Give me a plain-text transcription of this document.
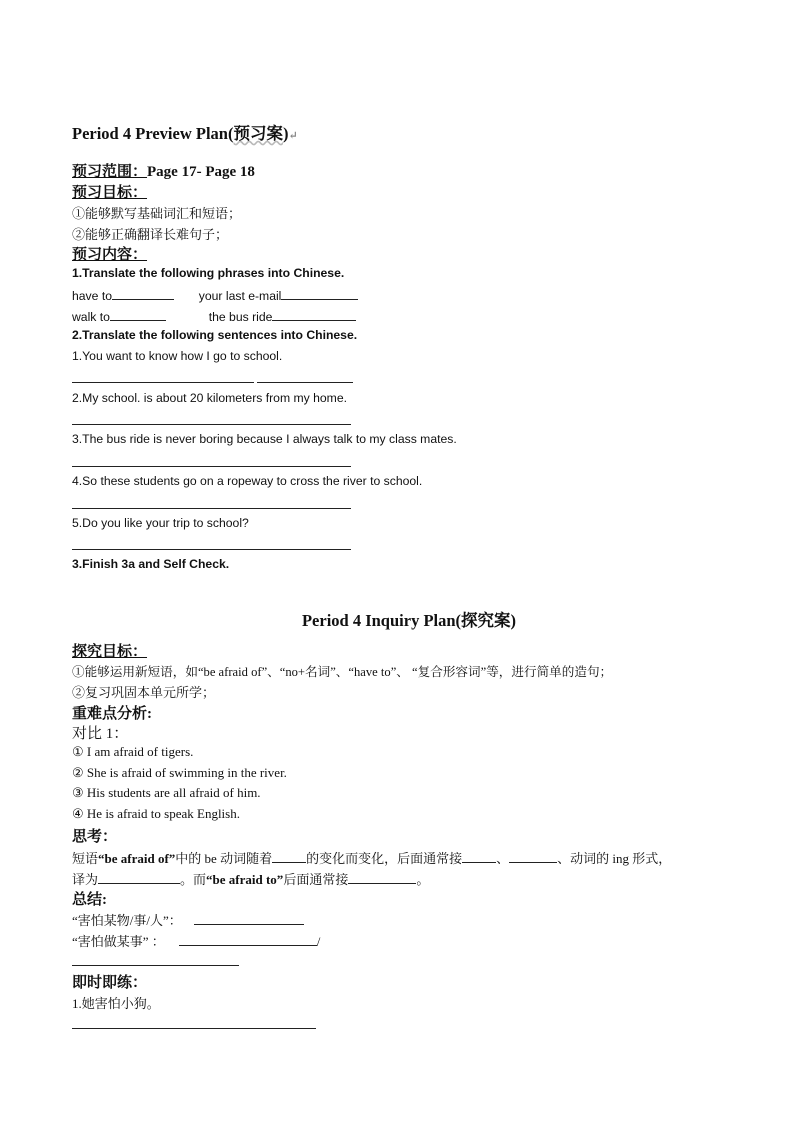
Period 4 Preview Plan(预习案)↵
预习范围：Page 17- Page 18
预习目标：
①能够默写基础词汇和短语；
②能够正确翻译长难句子；
预习内容：
1.Translate the following phrases into Chinese.
have to	your last e-mail
walk to	the bus ride
2.Translate the following sentences into Chinese.
1.You want to know how I go to school.
2.My school. is about 20 kilometers from my home.
3.The bus ride is never boring because I always talk to my class mates.
4.So these students go on a ropeway to cross the river to school.
5.Do you like your trip to school?
3.Finish 3a and Self Check.
Period 4 Inquiry Plan(探究案)
探究目标：
①能够运用新短语，如“be afraid of”、“no+名词”、“have to”、 “复合形容词”等，进行简单的造句；
②复习巩固本单元所学；
重难点分析:
对比 1：
① I am afraid of tigers.
② She is afraid of swimming in the river.
③ His students are all afraid of him.
④ He is afraid to speak English.
思考：
短语“be afraid of”中的 be 动词随着	的变化而变化，后面通常接	、	、动词的 ing 形式，
译为	。而“be afraid to”后面通常接	。
总结:
“害怕某物/事/人”：
“害怕做某事” ：	/
即时即练：
1.她害怕小狗。
